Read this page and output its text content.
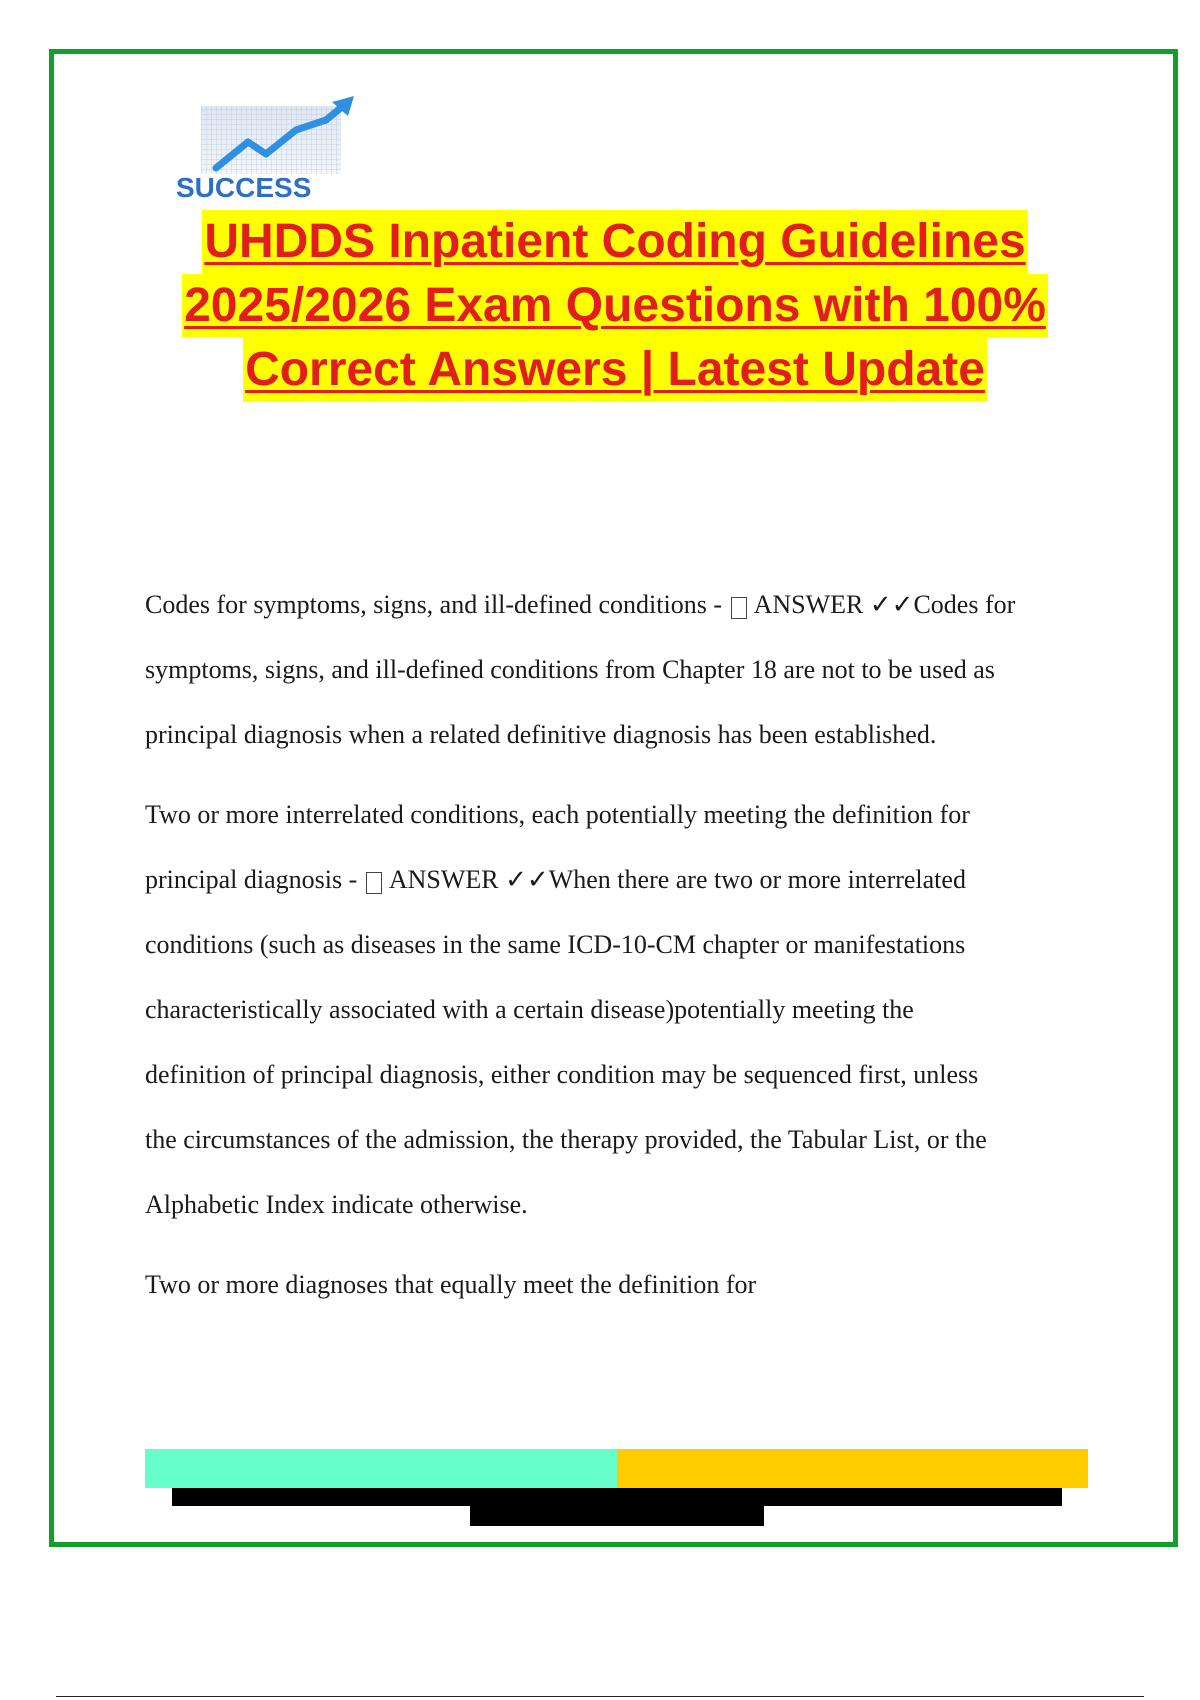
SUCCESS
UHDDS Inpatient Coding Guidelines
2025/2026 Exam Questions with 100%
Correct Answers | Latest Update
Codes for symptoms, signs, and ill-defined conditions -  ANSWER ✓✓Codes for
symptoms, signs, and ill-defined conditions from Chapter 18 are not to be used as
principal diagnosis when a related definitive diagnosis has been established.
Two or more interrelated conditions, each potentially meeting the definition for
principal diagnosis -  ANSWER ✓✓When there are two or more interrelated
conditions (such as diseases in the same ICD-10-CM chapter or manifestations
characteristically associated with a certain disease)potentially meeting the
definition of principal diagnosis, either condition may be sequenced first, unless
the circumstances of the admission, the therapy provided, the Tabular List, or the
Alphabetic Index indicate otherwise.
Two or more diagnoses that equally meet the definition for
